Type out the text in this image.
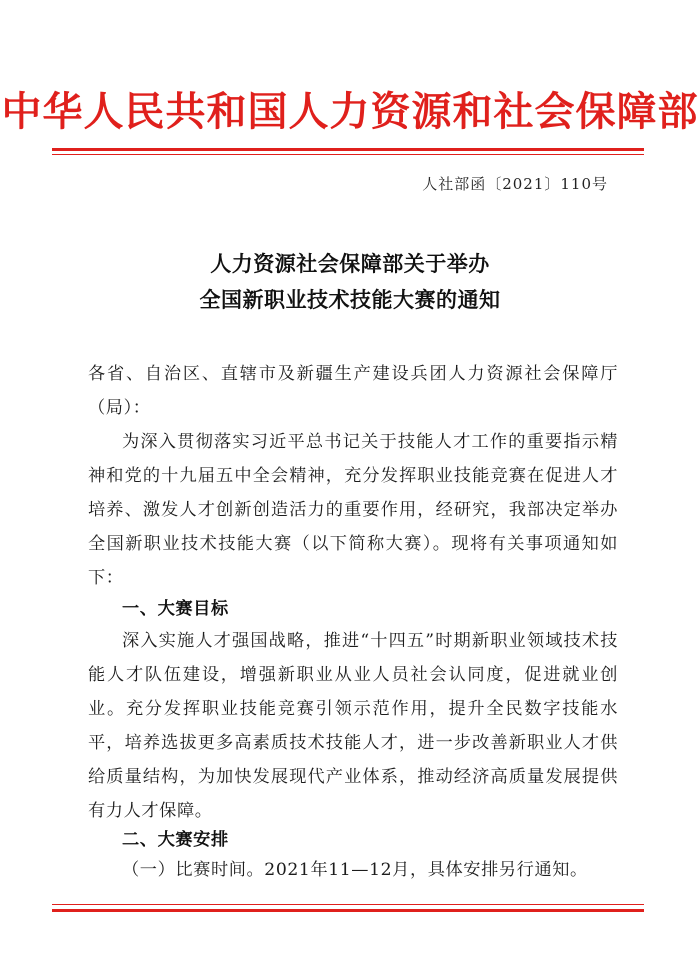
中华人民共和国人力资源和社会保障部
人社部函〔2021〕110号
人力资源社会保障部关于举办
全国新职业技术技能大赛的通知
各省、自治区、直辖市及新疆生产建设兵团人力资源社会保障厅（局）：
为深入贯彻落实习近平总书记关于技能人才工作的重要指示精神和党的十九届五中全会精神，充分发挥职业技能竞赛在促进人才培养、激发人才创新创造活力的重要作用，经研究，我部决定举办全国新职业技术技能大赛（以下简称大赛）。现将有关事项通知如下：
一、大赛目标
深入实施人才强国战略，推进“十四五”时期新职业领域技术技能人才队伍建设，增强新职业从业人员社会认同度，促进就业创业。充分发挥职业技能竞赛引领示范作用，提升全民数字技能水平，培养选拔更多高素质技术技能人才，进一步改善新职业人才供给质量结构，为加快发展现代产业体系，推动经济高质量发展提供有力人才保障。
二、大赛安排
（一）比赛时间。2021年11—12月，具体安排另行通知。
